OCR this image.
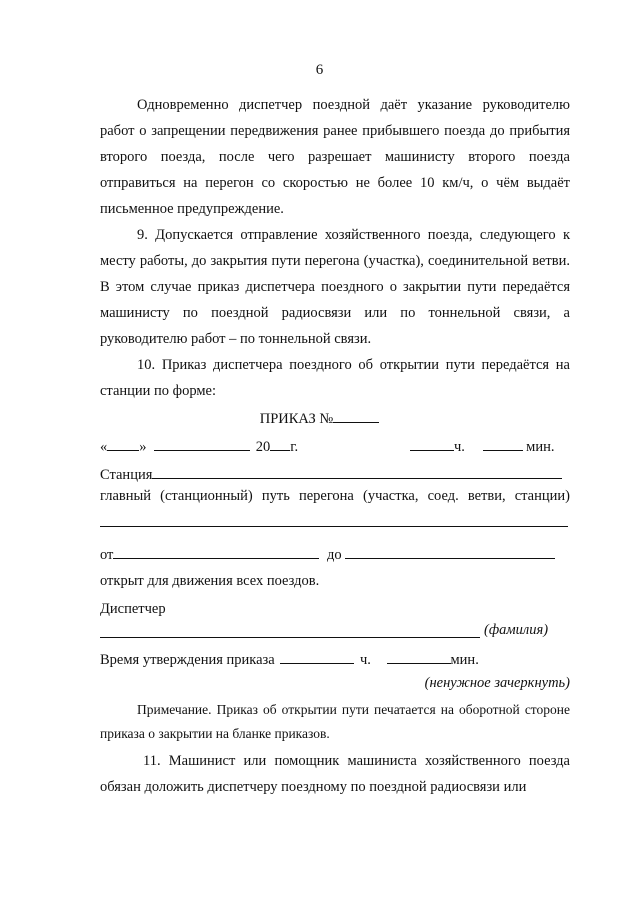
6

Одновременно диспетчер поездной даёт указание руководителю работ о запрещении передвижения ранее прибывшего поезда до прибытия второго поезда, после чего разрешает машинисту второго поезда отправиться на перегон со скоростью не более 10 км/ч, о чём выдаёт письменное предупреждение.

9. Допускается отправление хозяйственного поезда, следующего к месту работы, до закрытия пути перегона (участка), соединительной ветви. В этом случае приказ диспетчера поездного о закрытии пути передаётся машинисту по поездной радиосвязи или по тоннельной связи, а руководителю работ – по тоннельной связи.

10. Приказ диспетчера поездного об открытии пути передаётся на станции по форме:

ПРИКАЗ №
« »	20 г.	ч.	мин.
Станция
главный (станционный) путь перегона (участка, соед. ветви, станции)
от	до
открыт для движения всех поездов.
Диспетчер
(фамилия)
Время утверждения приказа	ч.	мин.
(ненужное зачеркнуть)

Примечание. Приказ об открытии пути печатается на оборотной стороне приказа о закрытии на бланке приказов.

11. Машинист или помощник машиниста хозяйственного поезда обязан доложить диспетчеру поездному по поездной радиосвязи или
